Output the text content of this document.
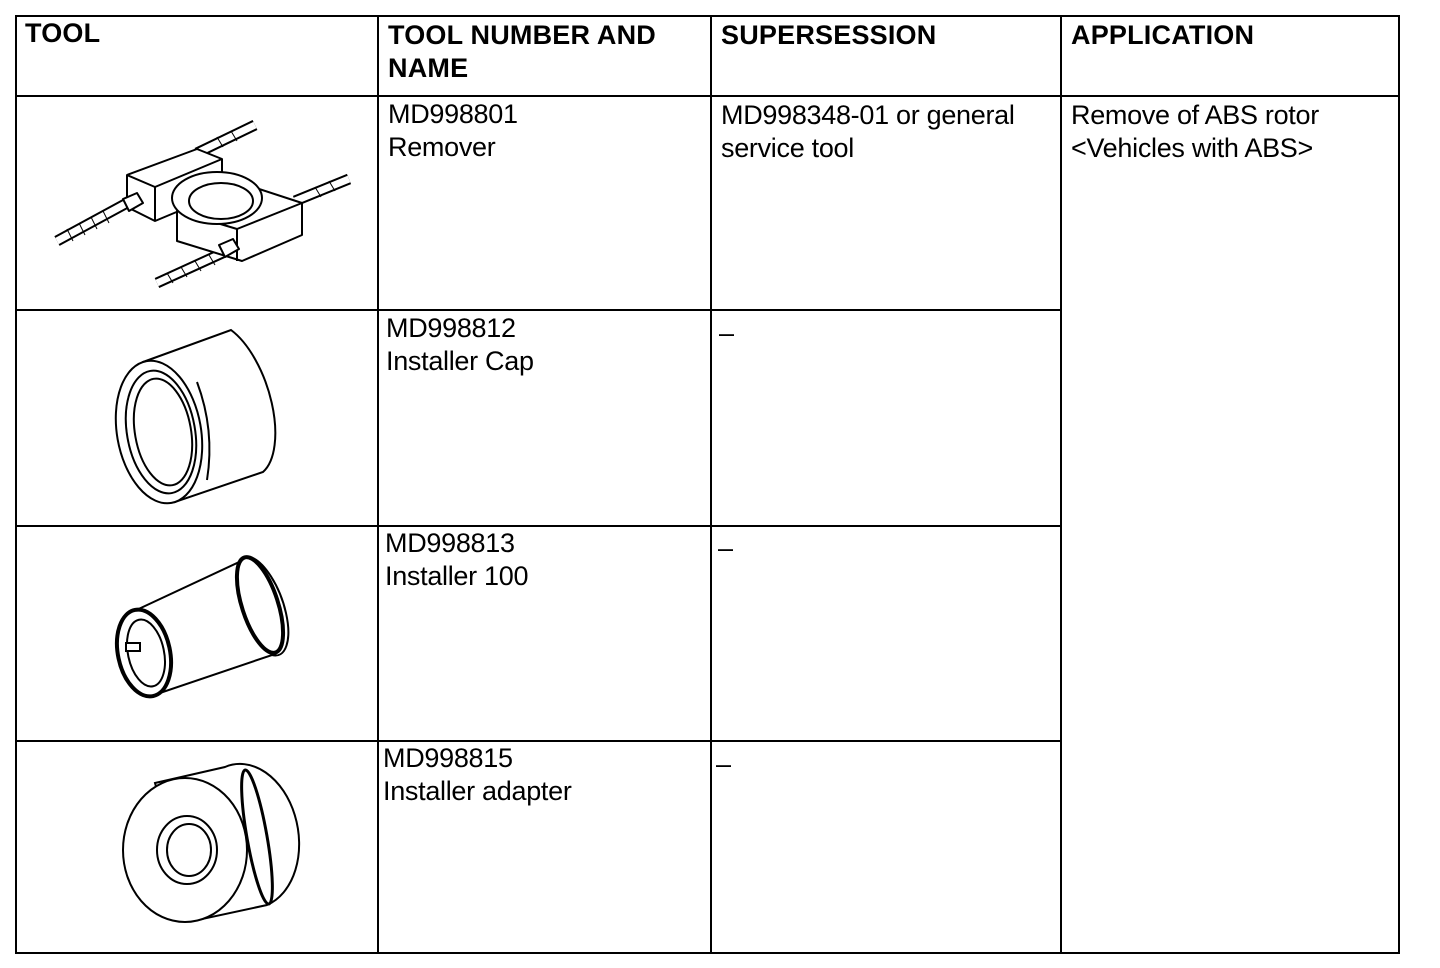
TOOL	TOOL NUMBER AND
NAME
SUPERSESSION	APPLICATION
MD998801
Remover
MD998348-01 or general
service tool
Remove of ABS rotor
<Vehicles with ABS>
MD998812
Installer Cap
–
MD998813
Installer 100
–
MD998815
Installer adapter
–
